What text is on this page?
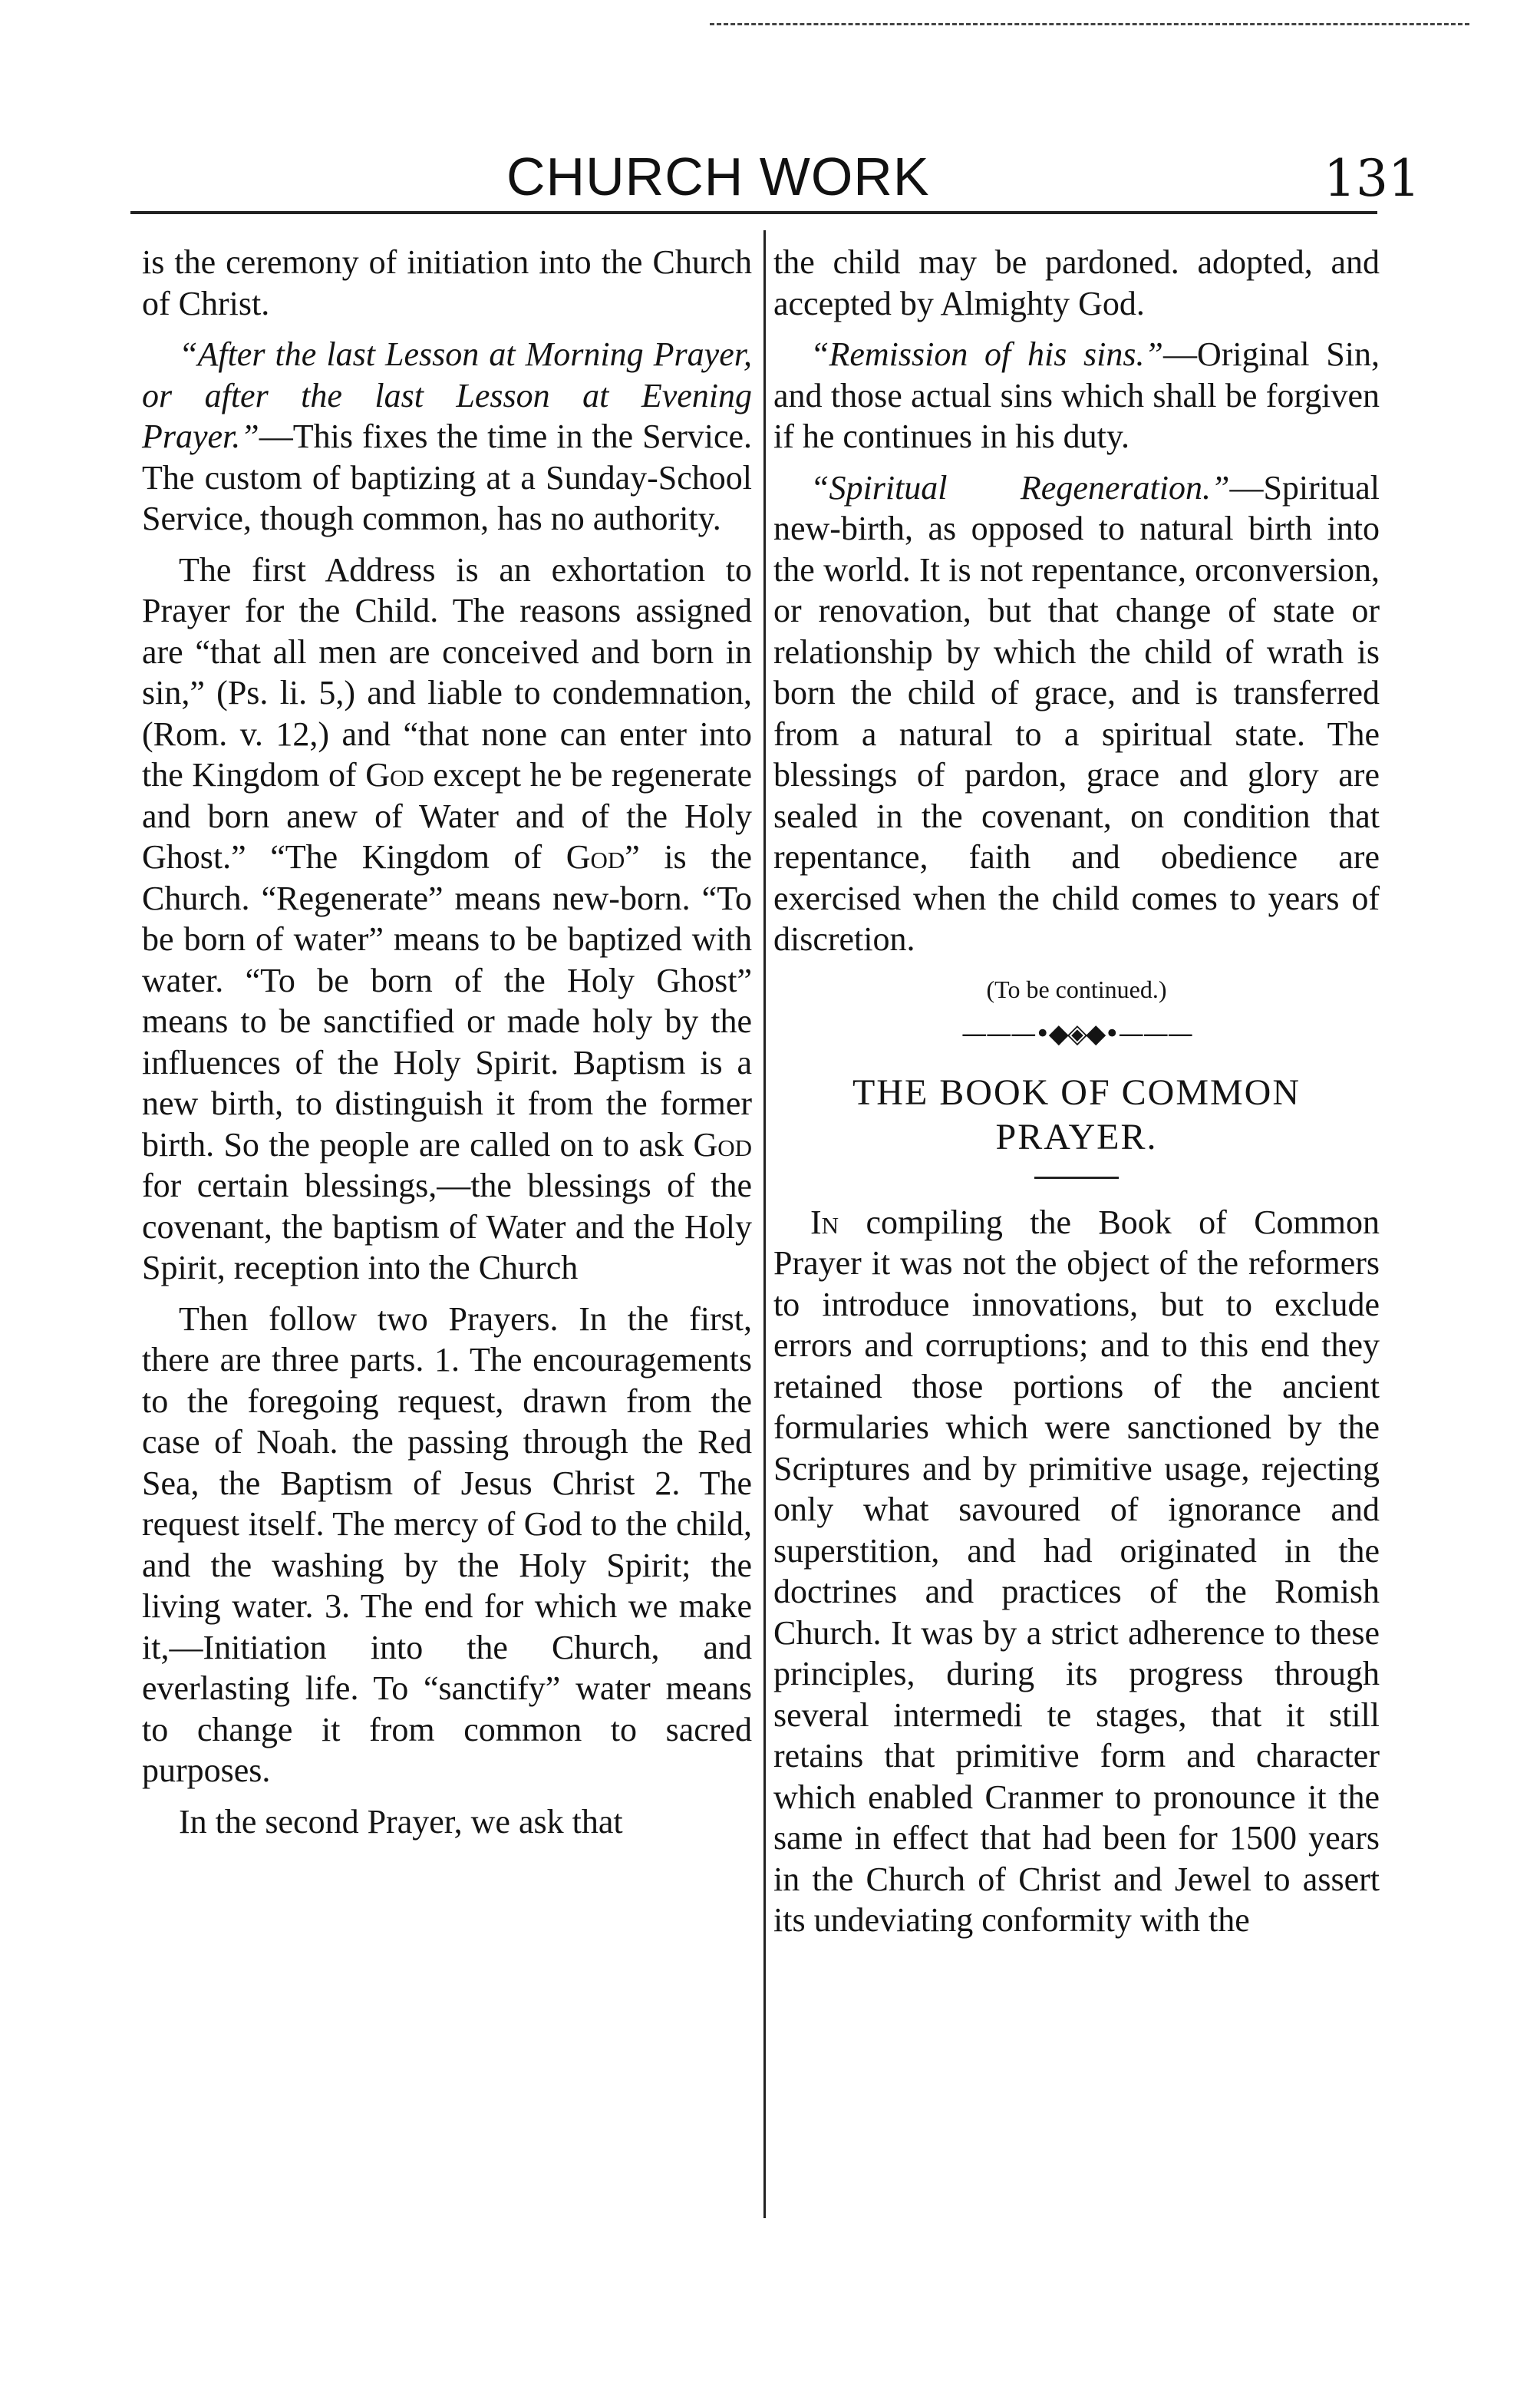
CHURCH WORK	131

is the ceremony of initiation into the Church of Christ.

“After the last Lesson at Morning Prayer, or after the last Lesson at Evening Prayer.”—This fixes the time in the Service. The custom of baptizing at a Sunday-School Service, though common, has no authority.

The first Address is an exhortation to Prayer for the Child. The reasons assigned are “that all men are conceived and born in sin,” (Ps. li. 5,) and liable to condemnation, (Rom. v. 12,) and “that none can enter into the Kingdom of God except he be regenerate and born anew of Water and of the Holy Ghost.” “The Kingdom of God” is the Church. “Regenerate” means new-born. “To be born of water” means to be baptized with water. “To be born of the Holy Ghost” means to be sanctified or made holy by the influences of the Holy Spirit. Baptism is a new birth, to distinguish it from the former birth. So the people are called on to ask God for certain blessings,—the blessings of the covenant, the baptism of Water and the Holy Spirit, reception into the Church

Then follow two Prayers. In the first, there are three parts. 1. The encouragements to the foregoing request, drawn from the case of Noah. the passing through the Red Sea, the Baptism of Jesus Christ 2. The request itself. The mercy of God to the child, and the washing by the Holy Spirit; the living water. 3. The end for which we make it,—Initiation into the Church, and everlasting life. To “sanctify” water means to change it from common to sacred purposes.

In the second Prayer, we ask that

the child may be pardoned. adopted, and accepted by Almighty God.

“Remission of his sins.”—Original Sin, and those actual sins which shall be forgiven if he continues in his duty.

“Spiritual Regeneration.”—Spiritual new-birth, as opposed to natural birth into the world. It is not repentance, orconversion, or renovation, but that change of state or relationship by which the child of wrath is born the child of grace, and is transferred from a natural to a spiritual state. The blessings of pardon, grace and glory are sealed in the covenant, on condition that repentance, faith and obedience are exercised when the child comes to years of discretion.

(To be continued.)
———•◆◈◆•———
THE BOOK OF COMMON
PRAYER.

In compiling the Book of Common Prayer it was not the object of the reformers to introduce innovations, but to exclude errors and corruptions; and to this end they retained those portions of the ancient formularies which were sanctioned by the Scriptures and by primitive usage, rejecting only what savoured of ignorance and superstition, and had originated in the doctrines and practices of the Romish Church. It was by a strict adherence to these principles, during its progress through several intermedi te stages, that it still retains that primitive form and character which enabled Cranmer to pronounce it the same in effect that had been for 1500 years in the Church of Christ and Jewel to assert its undeviating conformity with the
